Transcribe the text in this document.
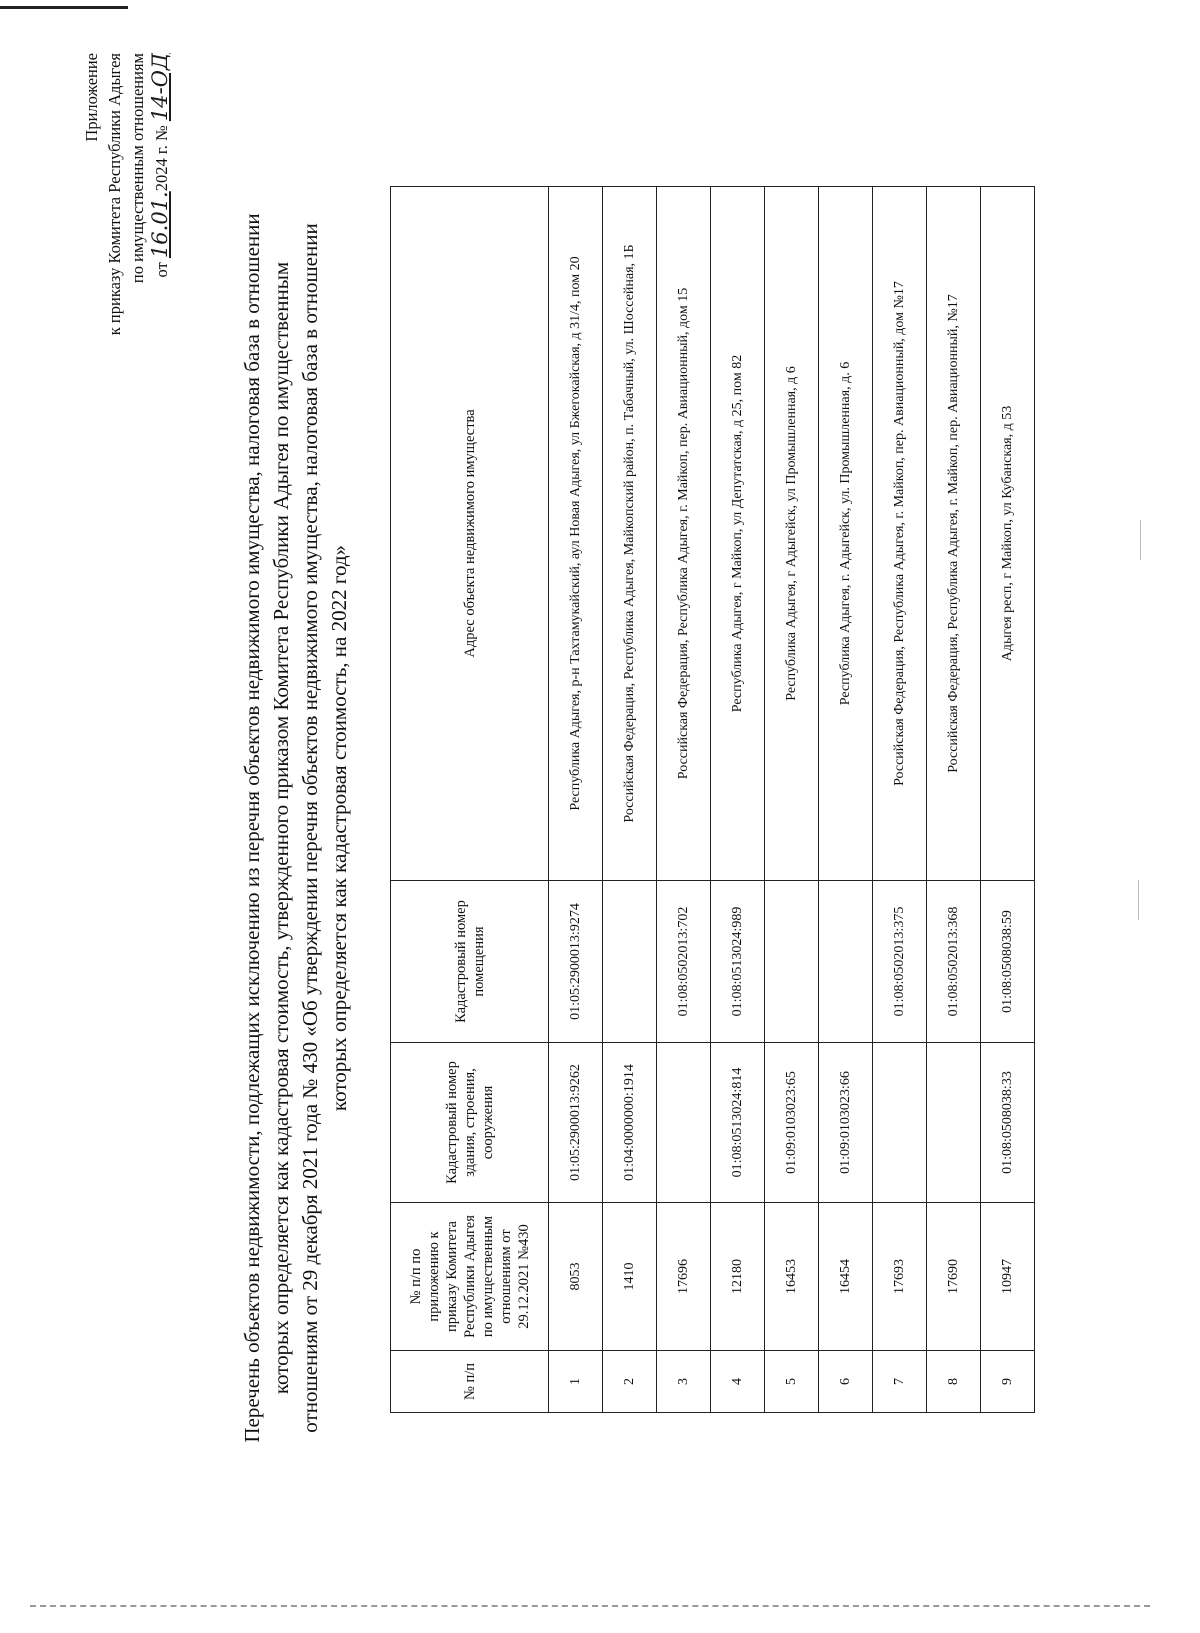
Приложение к приказу Комитета Республики Адыгея по имущественным отношениям от 16.01.2024 г. № 14-ОД
Перечень объектов недвижимости, подлежащих исключению из перечня объектов недвижимого имущества, налоговая база в отношении которых определяется как кадастровая стоимость, утвержденного приказом Комитета Республики Адыгея по имущественным отношениям от 29 декабря 2021 года № 430 «Об утверждении перечня объектов недвижимого имущества, налоговая база в отношении которых определяется как кадастровая стоимость, на 2022 год»
№ п/п	№ п/п по приложению к приказу Комитета Республики Адыгея по имущественным отношениям от 29.12.2021 №430	Кадастровый номер здания, строения, сооружения	Кадастровый номер помещения	Адрес объекта недвижимого имущества
1	8053	01:05:2900013:9262	01:05:2900013:9274	Республика Адыгея, р-н Тахтамукайский, аул Новая Адыгея, ул Бжегокайская, д 31/4, пом 20
2	1410	01:04:0000000:1914		Российская Федерация, Республика Адыгея, Майкопский район, п. Табачный, ул. Шоссейная, 1Б
3	17696		01:08:0502013:702	Российская Федерация, Республика Адыгея, г. Майкоп, пер. Авиационный, дом 15
4	12180	01:08:0513024:814	01:08:0513024:989	Республика Адыгея, г Майкоп, ул Депутатская, д 25, пом 82
5	16453	01:09:0103023:65		Республика Адыгея, г Адыгейск, ул Промышленная, д 6
6	16454	01:09:0103023:66		Республика Адыгея, г. Адыгейск, ул. Промышленная, д. 6
7	17693		01:08:0502013:375	Российская Федерация, Республика Адыгея, г. Майкоп, пер. Авиационный, дом №17
8	17690		01:08:0502013:368	Российская Федерация, Республика Адыгея, г. Майкоп, пер. Авиационный, №17
9	10947	01:08:0508038:33	01:08:0508038:59	Адыгея респ, г Майкоп, ул Кубанская, д 53
